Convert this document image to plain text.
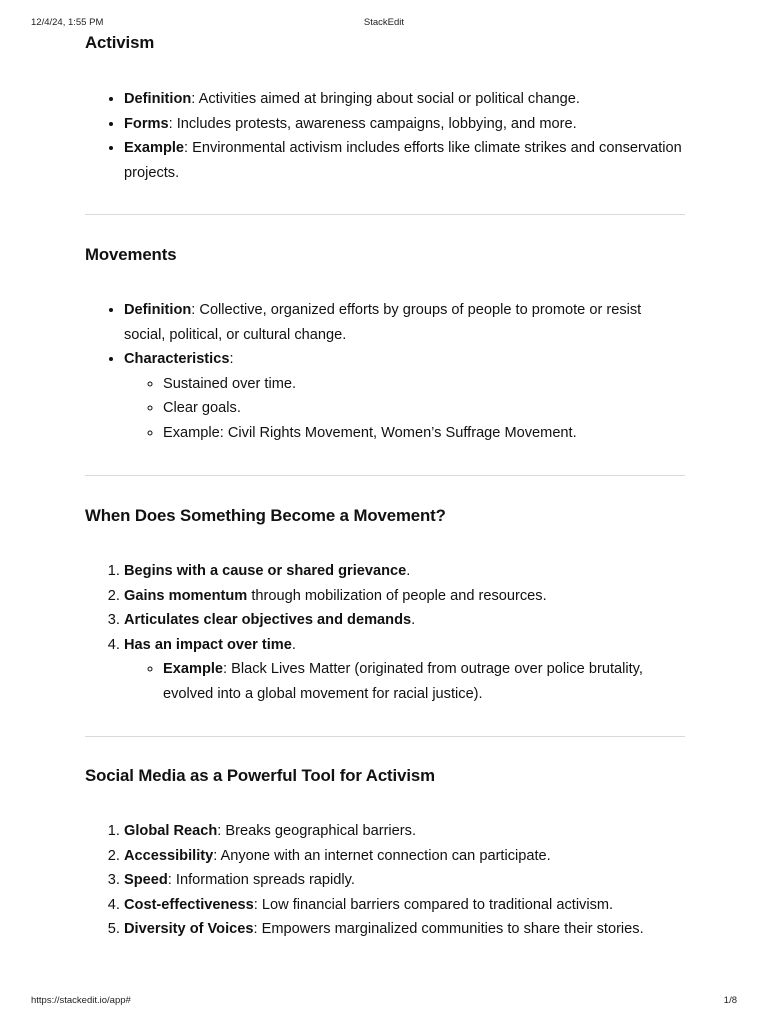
12/4/24, 1:55 PM	StackEdit
Activism
• Definition: Activities aimed at bringing about social or political change.
• Forms: Includes protests, awareness campaigns, lobbying, and more.
• Example: Environmental activism includes efforts like climate strikes and conservation projects.
Movements
• Definition: Collective, organized efforts by groups of people to promote or resist social, political, or cultural change.
• Characteristics:
◦ Sustained over time.
◦ Clear goals.
◦ Example: Civil Rights Movement, Women’s Suffrage Movement.
When Does Something Become a Movement?
1. Begins with a cause or shared grievance.
2. Gains momentum through mobilization of people and resources.
3. Articulates clear objectives and demands.
4. Has an impact over time.
◦ Example: Black Lives Matter (originated from outrage over police brutality, evolved into a global movement for racial justice).
Social Media as a Powerful Tool for Activism
1. Global Reach: Breaks geographical barriers.
2. Accessibility: Anyone with an internet connection can participate.
3. Speed: Information spreads rapidly.
4. Cost-effectiveness: Low financial barriers compared to traditional activism.
5. Diversity of Voices: Empowers marginalized communities to share their stories.
https://stackedit.io/app#	1/8
